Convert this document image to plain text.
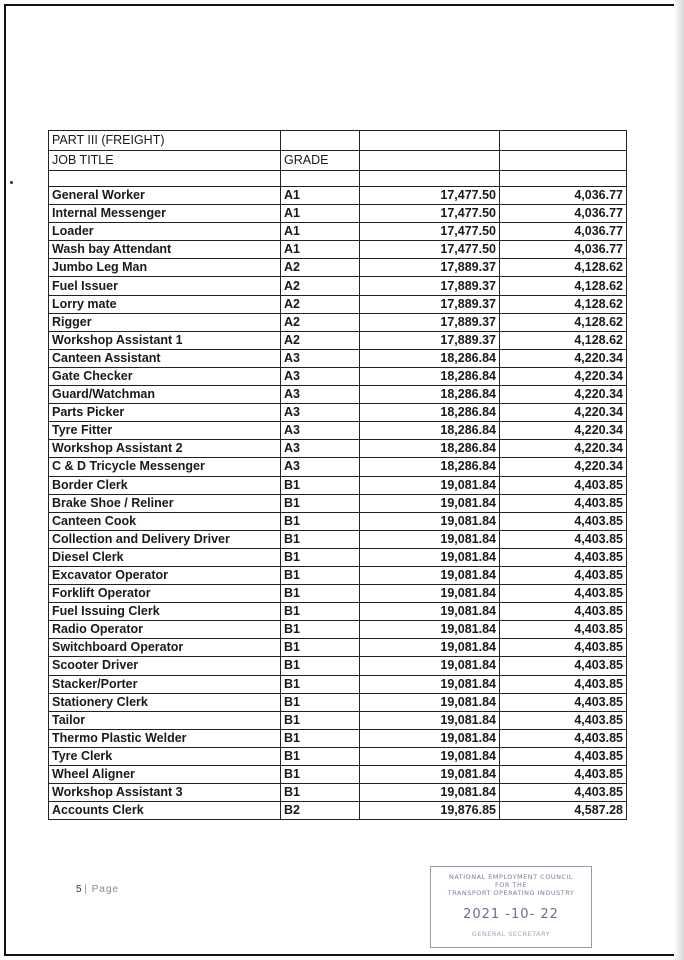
PART III (FREIGHT)			
JOB TITLE	GRADE		

General Worker	A1	17,477.50	4,036.77
Internal Messenger	A1	17,477.50	4,036.77
Loader	A1	17,477.50	4,036.77
Wash bay Attendant	A1	17,477.50	4,036.77
Jumbo Leg Man	A2	17,889.37	4,128.62
Fuel Issuer	A2	17,889.37	4,128.62
Lorry mate	A2	17,889.37	4,128.62
Rigger	A2	17,889.37	4,128.62
Workshop Assistant 1	A2	17,889.37	4,128.62
Canteen Assistant	A3	18,286.84	4,220.34
Gate Checker	A3	18,286.84	4,220.34
Guard/Watchman	A3	18,286.84	4,220.34
Parts Picker	A3	18,286.84	4,220.34
Tyre Fitter	A3	18,286.84	4,220.34
Workshop Assistant 2	A3	18,286.84	4,220.34
C & D Tricycle Messenger	A3	18,286.84	4,220.34
Border Clerk	B1	19,081.84	4,403.85
Brake Shoe / Reliner	B1	19,081.84	4,403.85
Canteen Cook	B1	19,081.84	4,403.85
Collection and Delivery Driver	B1	19,081.84	4,403.85
Diesel Clerk	B1	19,081.84	4,403.85
Excavator Operator	B1	19,081.84	4,403.85
Forklift Operator	B1	19,081.84	4,403.85
Fuel Issuing Clerk	B1	19,081.84	4,403.85
Radio Operator	B1	19,081.84	4,403.85
Switchboard Operator	B1	19,081.84	4,403.85
Scooter Driver	B1	19,081.84	4,403.85
Stacker/Porter	B1	19,081.84	4,403.85
Stationery Clerk	B1	19,081.84	4,403.85
Tailor	B1	19,081.84	4,403.85
Thermo Plastic Welder	B1	19,081.84	4,403.85
Tyre Clerk	B1	19,081.84	4,403.85
Wheel Aligner	B1	19,081.84	4,403.85
Workshop Assistant 3	B1	19,081.84	4,403.85
Accounts Clerk	B2	19,876.85	4,587.28
5 | Page
NATIONAL EMPLOYMENT COUNCIL
FOR THE
TRANSPORT OPERATING INDUSTRY
2021 -10- 22
GENERAL SECRETARY
